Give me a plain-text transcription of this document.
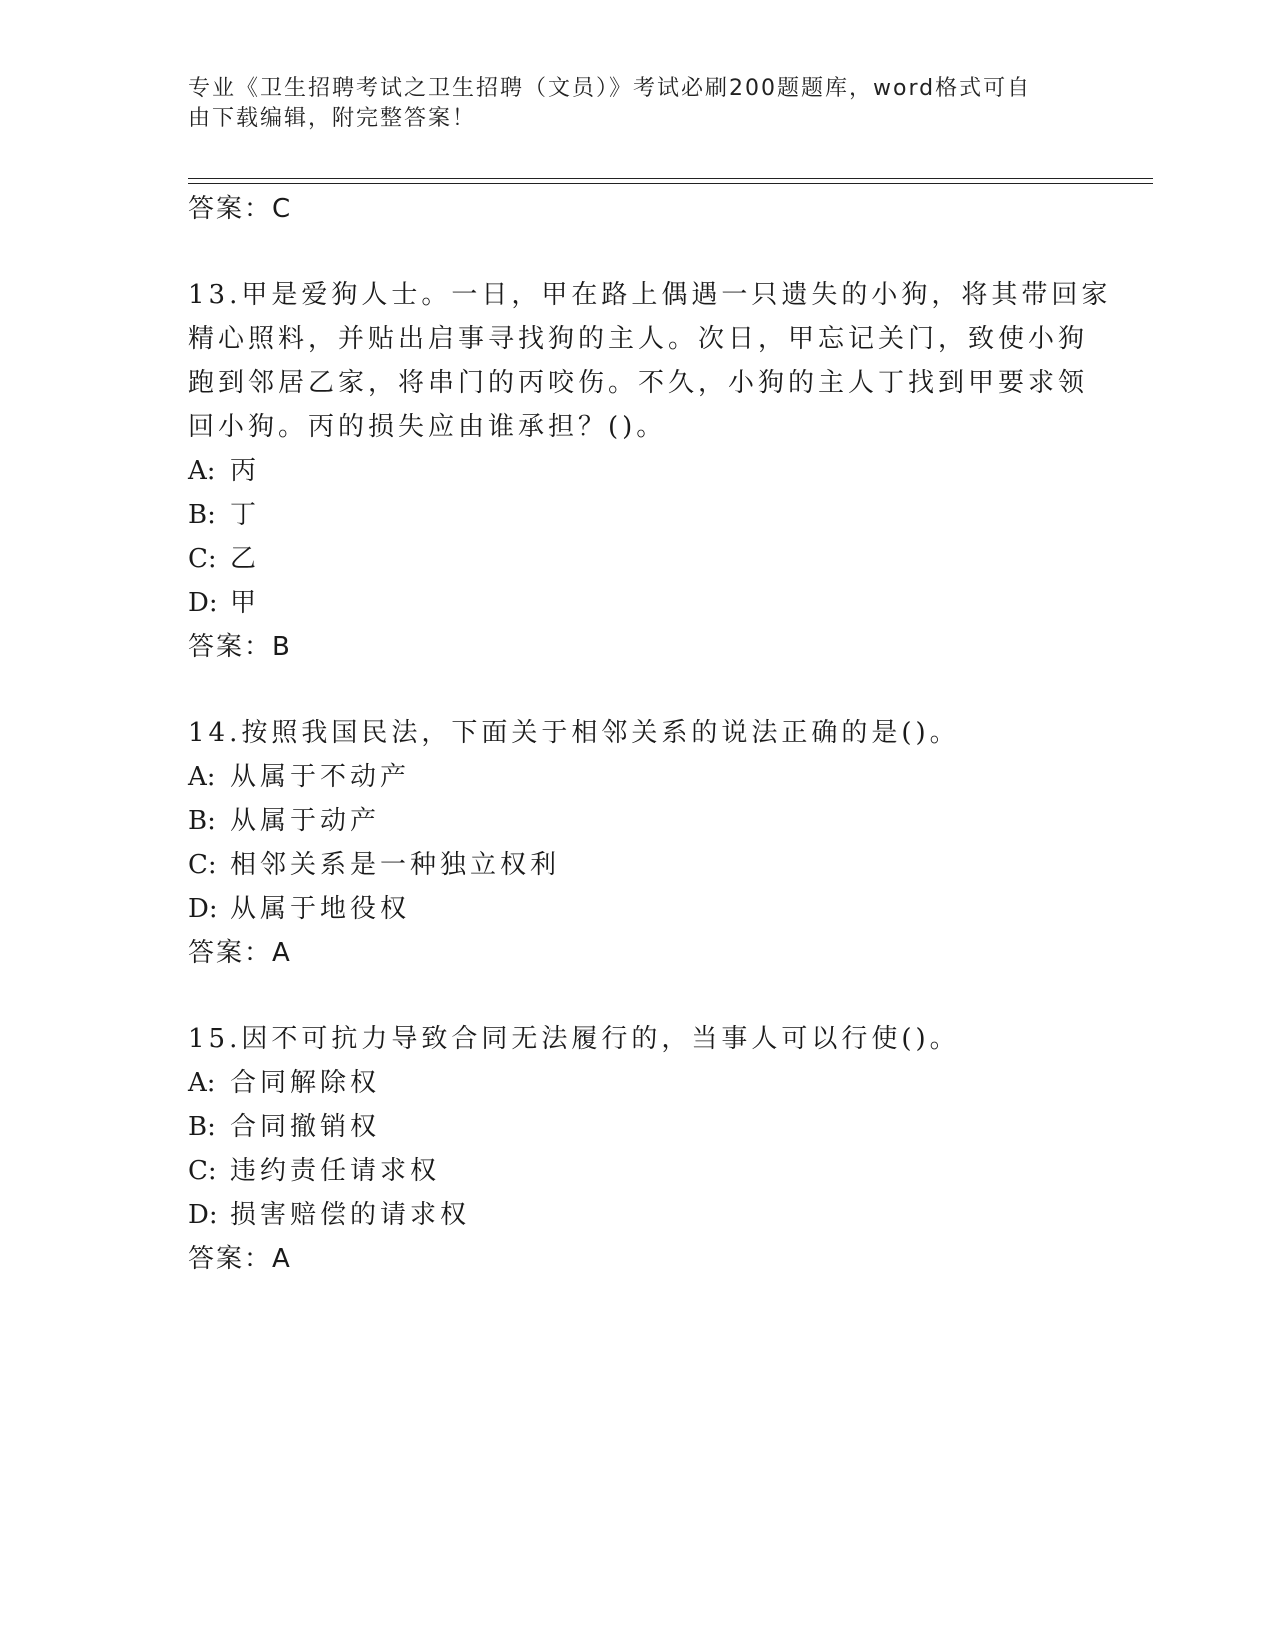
专业《卫生招聘考试之卫生招聘（文员）》考试必刷200题题库，word格式可自
由下载编辑，附完整答案！
答案：C
13.甲是爱狗人士。一日，甲在路上偶遇一只遗失的小狗，将其带回家
精心照料，并贴出启事寻找狗的主人。次日，甲忘记关门，致使小狗
跑到邻居乙家，将串门的丙咬伤。不久，小狗的主人丁找到甲要求领
回小狗。丙的损失应由谁承担？()。
A: 丙
B: 丁
C: 乙
D: 甲
答案：B
14.按照我国民法，下面关于相邻关系的说法正确的是()。
A: 从属于不动产
B: 从属于动产
C: 相邻关系是一种独立权利
D: 从属于地役权
答案：A
15.因不可抗力导致合同无法履行的，当事人可以行使()。
A: 合同解除权
B: 合同撤销权
C: 违约责任请求权
D: 损害赔偿的请求权
答案：A
